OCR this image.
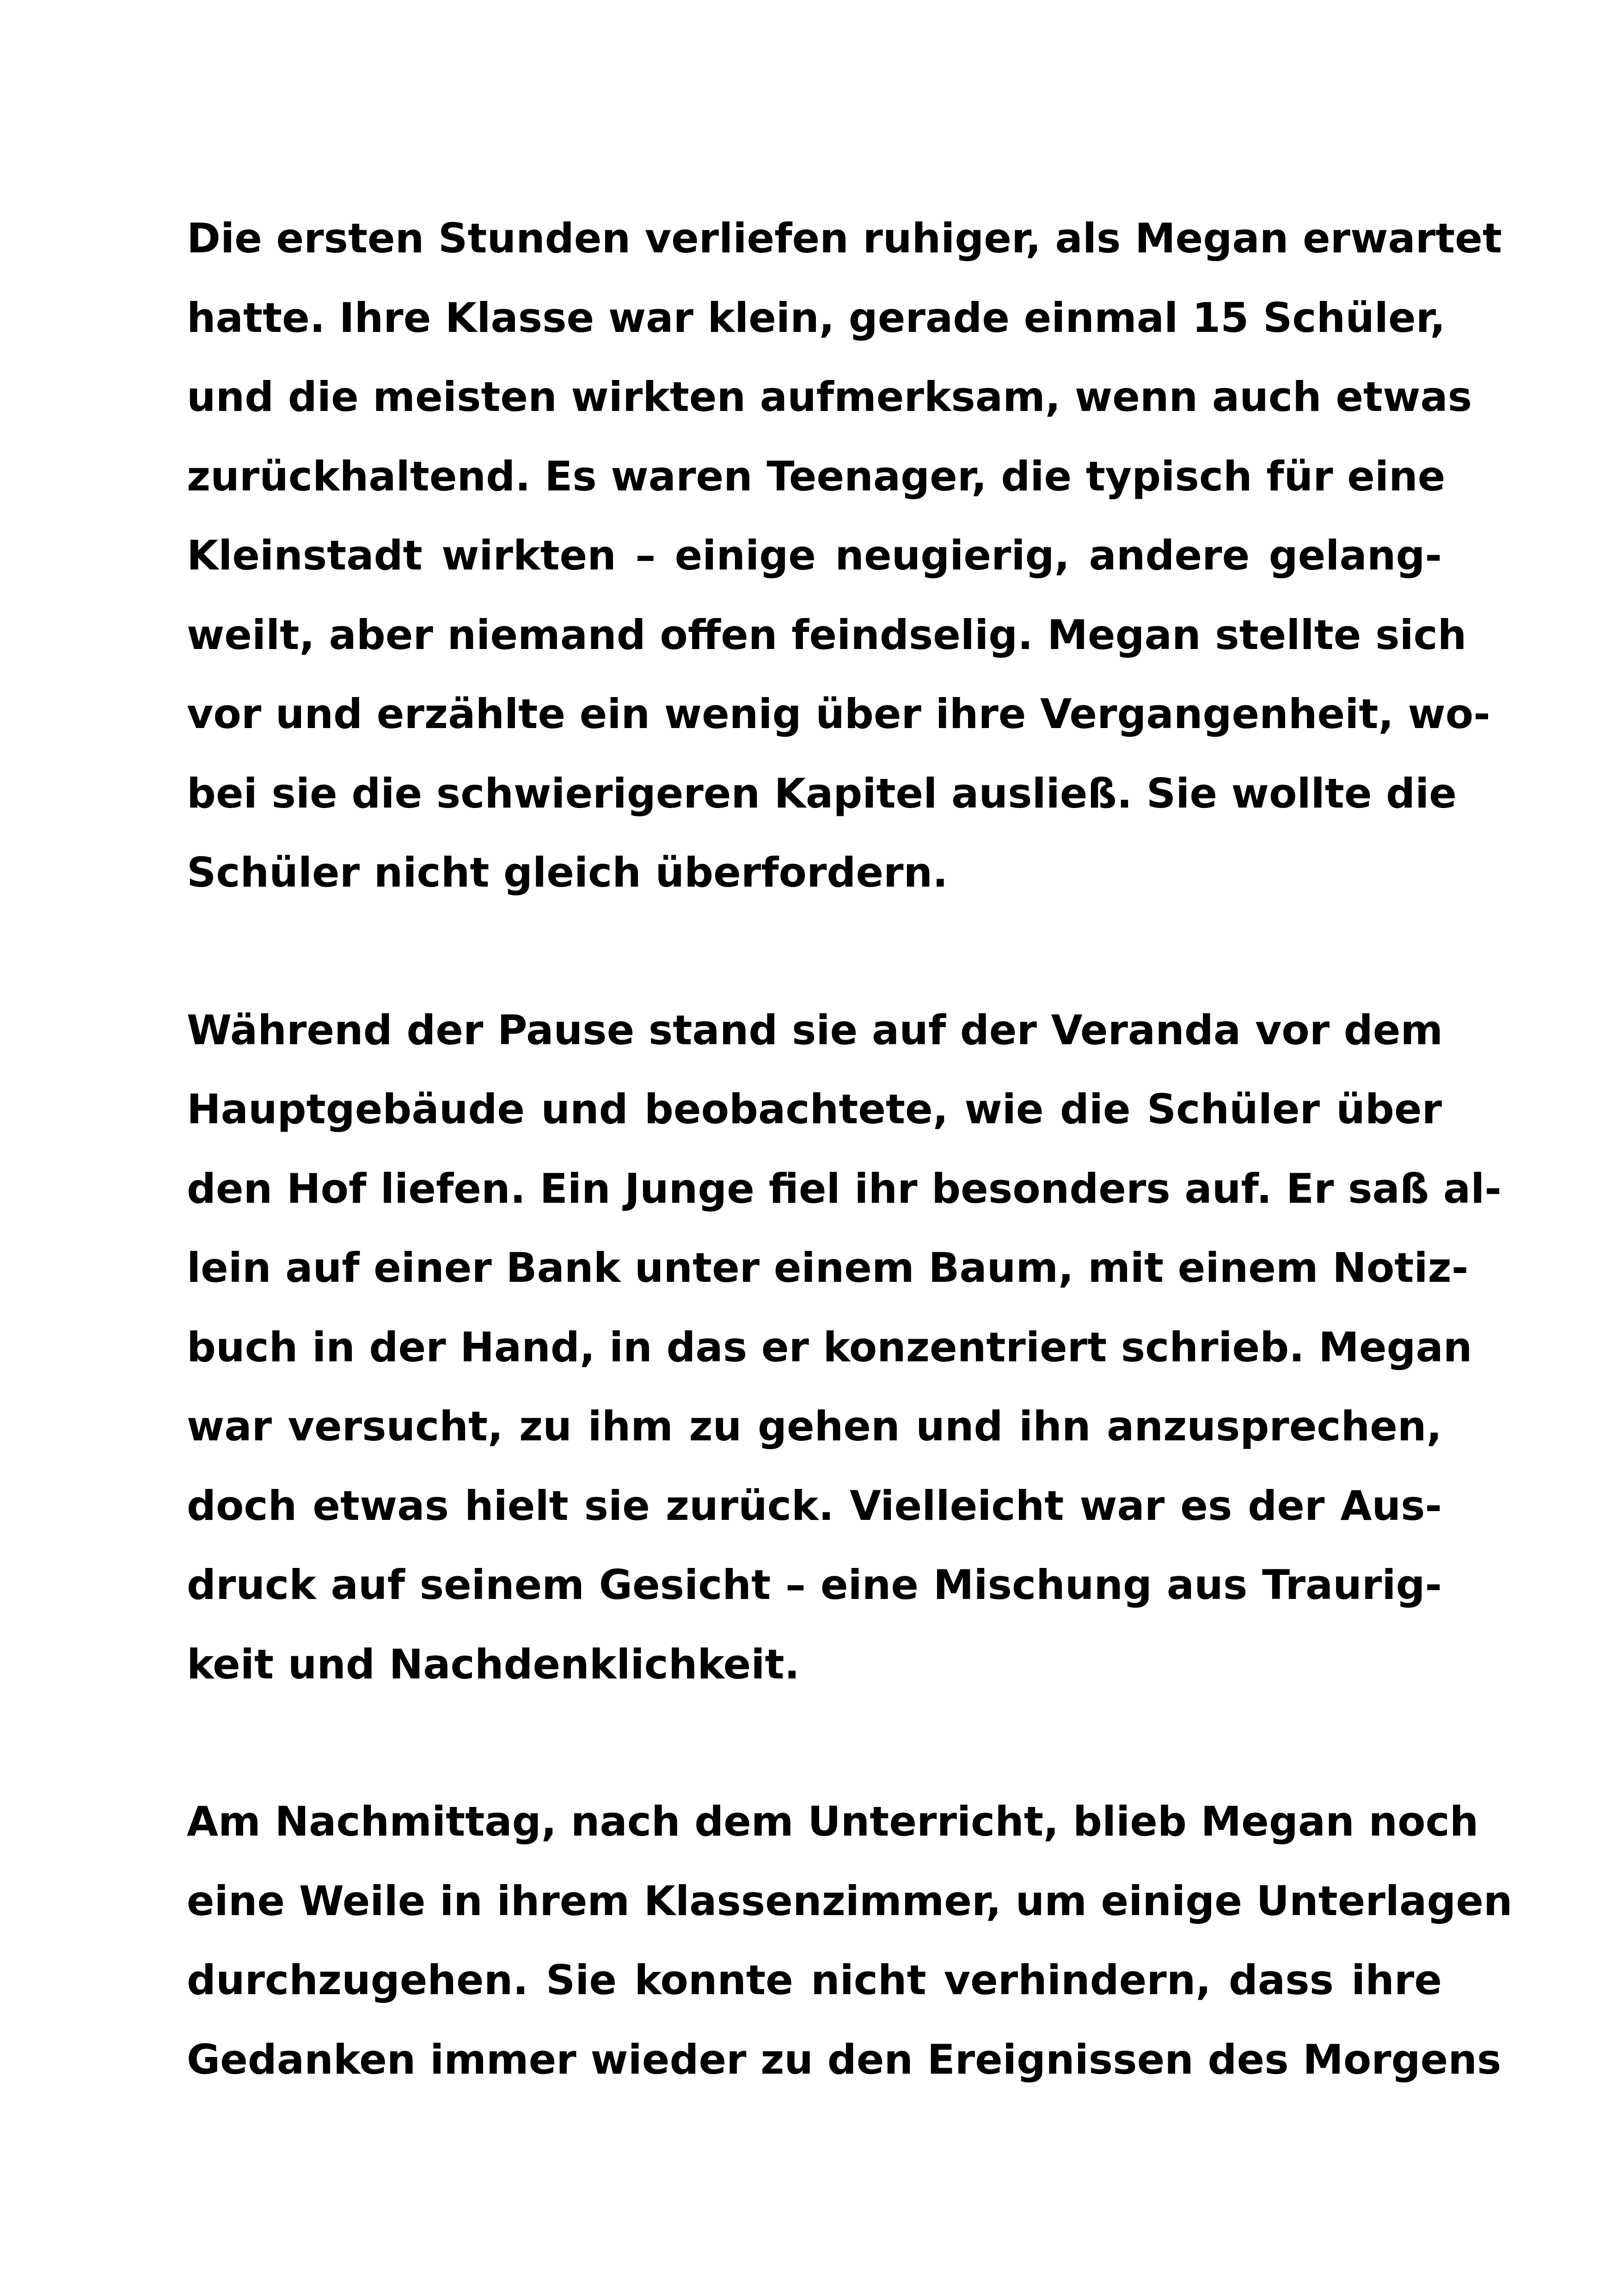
Die ersten Stunden verliefen ruhiger, als Megan erwartet
hatte. Ihre Klasse war klein, gerade einmal 15 Schüler,
und die meisten wirkten aufmerksam, wenn auch etwas
zurückhaltend. Es waren Teenager, die typisch für eine
Kleinstadt wirkten – einige neugierig, andere gelang-
weilt, aber niemand offen feindselig. Megan stellte sich
vor und erzählte ein wenig über ihre Vergangenheit, wo-
bei sie die schwierigeren Kapitel ausließ. Sie wollte die
Schüler nicht gleich überfordern.
Während der Pause stand sie auf der Veranda vor dem
Hauptgebäude und beobachtete, wie die Schüler über
den Hof liefen. Ein Junge fiel ihr besonders auf. Er saß al-
lein auf einer Bank unter einem Baum, mit einem Notiz-
buch in der Hand, in das er konzentriert schrieb. Megan
war versucht, zu ihm zu gehen und ihn anzusprechen,
doch etwas hielt sie zurück. Vielleicht war es der Aus-
druck auf seinem Gesicht – eine Mischung aus Traurig-
keit und Nachdenklichkeit.
Am Nachmittag, nach dem Unterricht, blieb Megan noch
eine Weile in ihrem Klassenzimmer, um einige Unterlagen
durchzugehen. Sie konnte nicht verhindern, dass ihre
Gedanken immer wieder zu den Ereignissen des Morgens
